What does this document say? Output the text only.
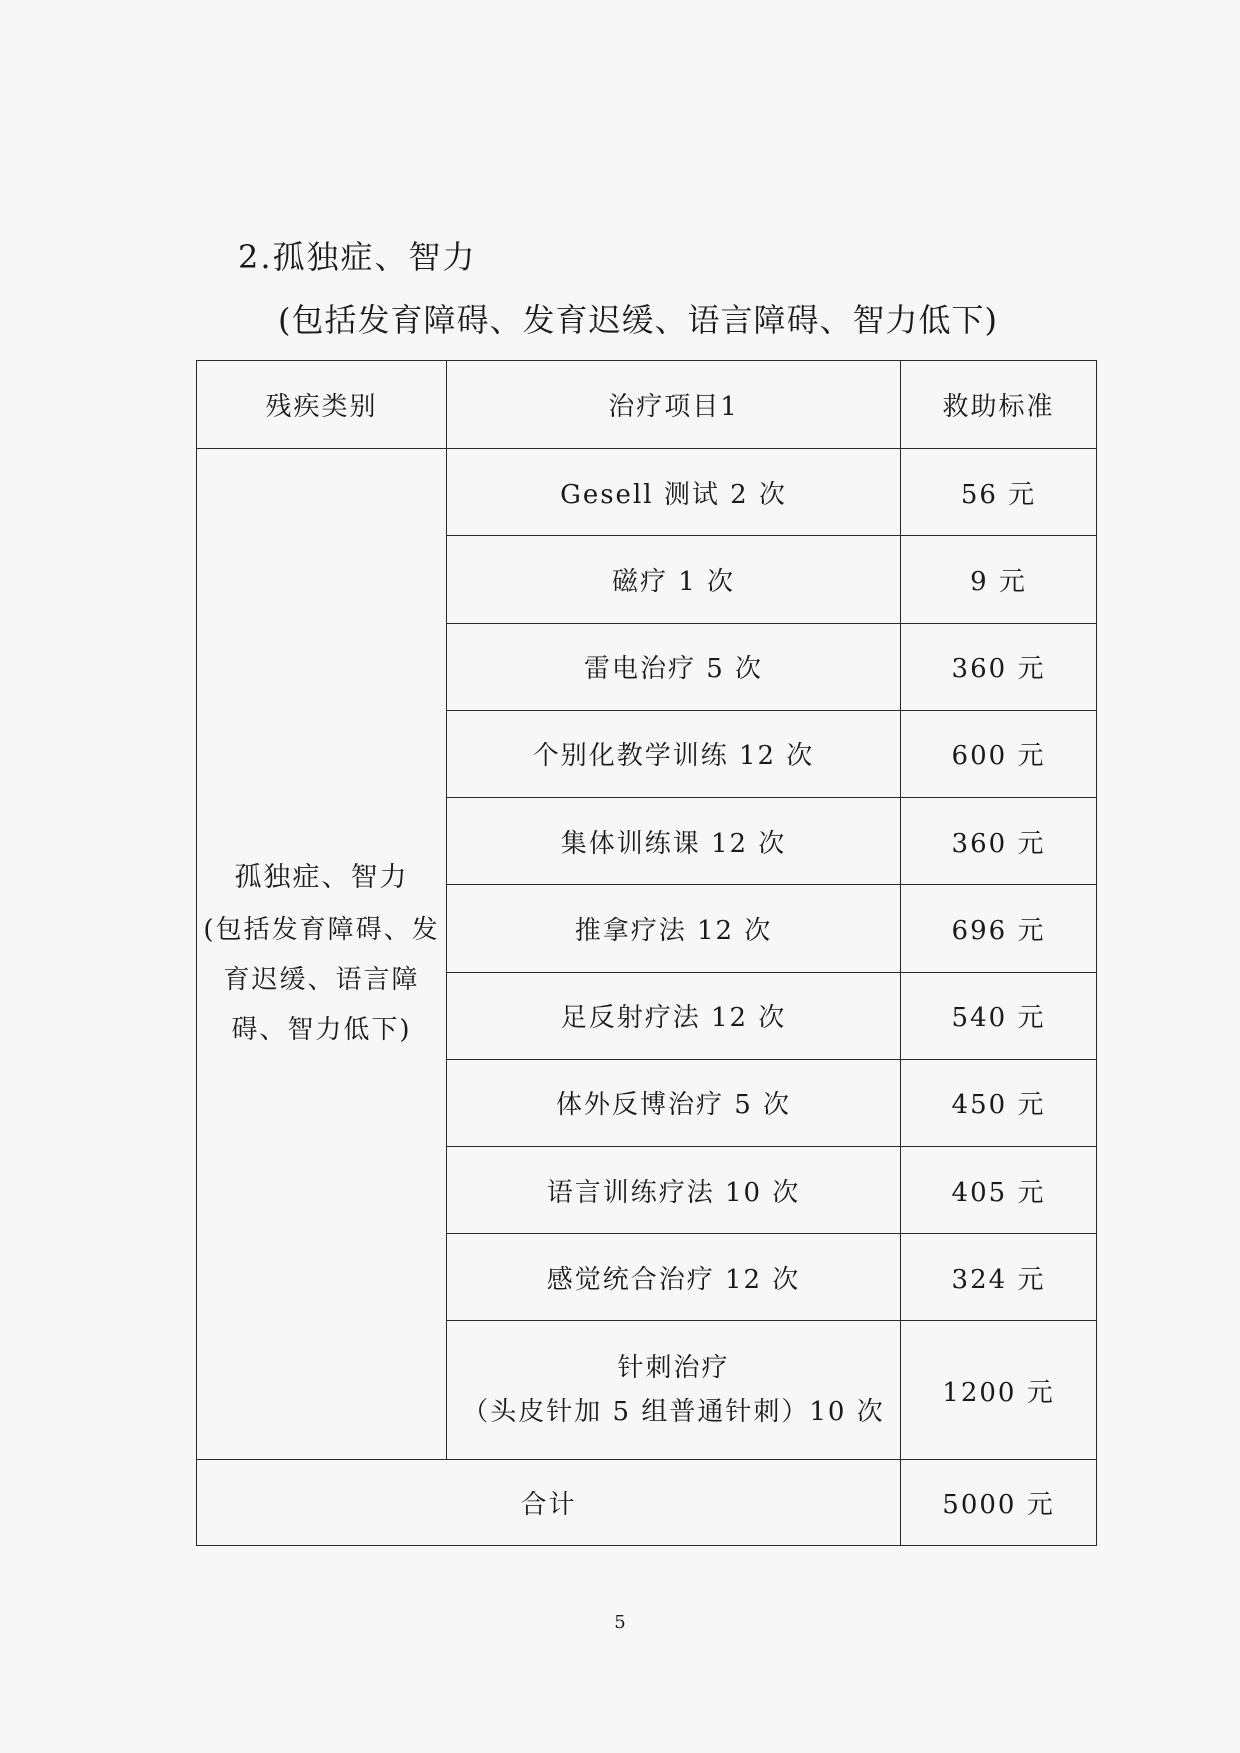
2.孤独症、智力
(包括发育障碍、发育迟缓、语言障碍、智力低下)
残疾类别	治疗项目1	救助标准

孤独症、智力
(包括发育障碍、发育迟缓、语言障碍、智力低下)	Gesell 测试 2 次	56 元
	磁疗 1 次	9 元
	雷电治疗 5 次	360 元
	个别化教学训练 12 次	600 元
	集体训练课 12 次	360 元
	推拿疗法 12 次	696 元
	足反射疗法 12 次	540 元
	体外反博治疗 5 次	450 元
	语言训练疗法 10 次	405 元
	感觉统合治疗 12 次	324 元

	针刺治疗
（头皮针加 5 组普通针刺）10 次	1200 元
合计		5000 元
5
